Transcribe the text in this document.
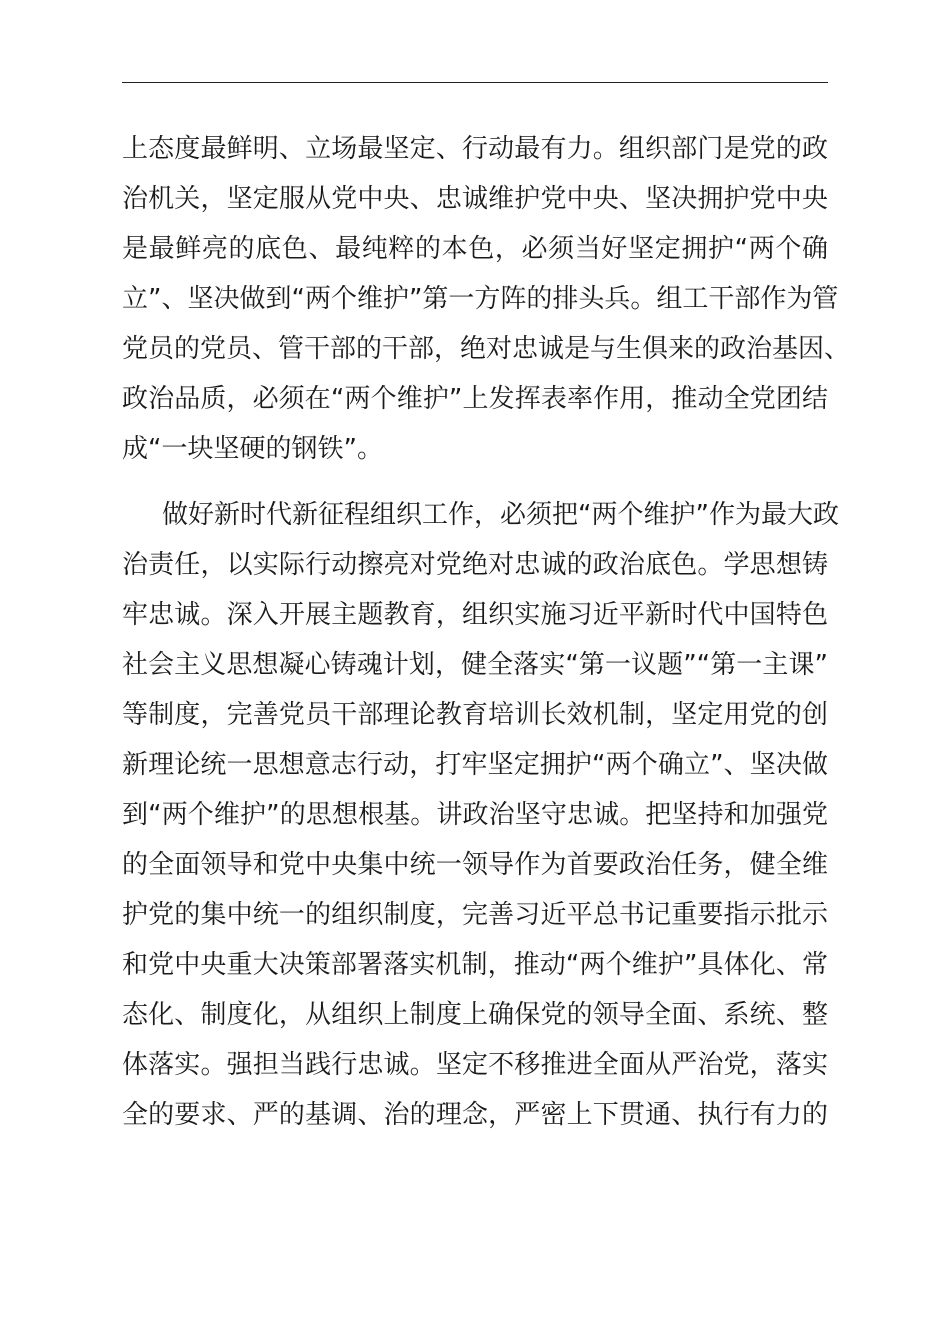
上态度最鲜明、立场最坚定、行动最有力。组织部门是党的政
治机关，坚定服从党中央、忠诚维护党中央、坚决拥护党中央
是最鲜亮的底色、最纯粹的本色，必须当好坚定拥护“两个确
立”、坚决做到“两个维护”第一方阵的排头兵。组工干部作为管
党员的党员、管干部的干部，绝对忠诚是与生俱来的政治基因、
政治品质，必须在“两个维护”上发挥表率作用，推动全党团结
成“一块坚硬的钢铁”。

做好新时代新征程组织工作，必须把“两个维护”作为最大政
治责任，以实际行动擦亮对党绝对忠诚的政治底色。学思想铸
牢忠诚。深入开展主题教育，组织实施习近平新时代中国特色
社会主义思想凝心铸魂计划，健全落实“第一议题”“第一主课”
等制度，完善党员干部理论教育培训长效机制，坚定用党的创
新理论统一思想意志行动，打牢坚定拥护“两个确立”、坚决做
到“两个维护”的思想根基。讲政治坚守忠诚。把坚持和加强党
的全面领导和党中央集中统一领导作为首要政治任务，健全维
护党的集中统一的组织制度，完善习近平总书记重要指示批示
和党中央重大决策部署落实机制，推动“两个维护”具体化、常
态化、制度化，从组织上制度上确保党的领导全面、系统、整
体落实。强担当践行忠诚。坚定不移推进全面从严治党，落实
全的要求、严的基调、治的理念，严密上下贯通、执行有力的
